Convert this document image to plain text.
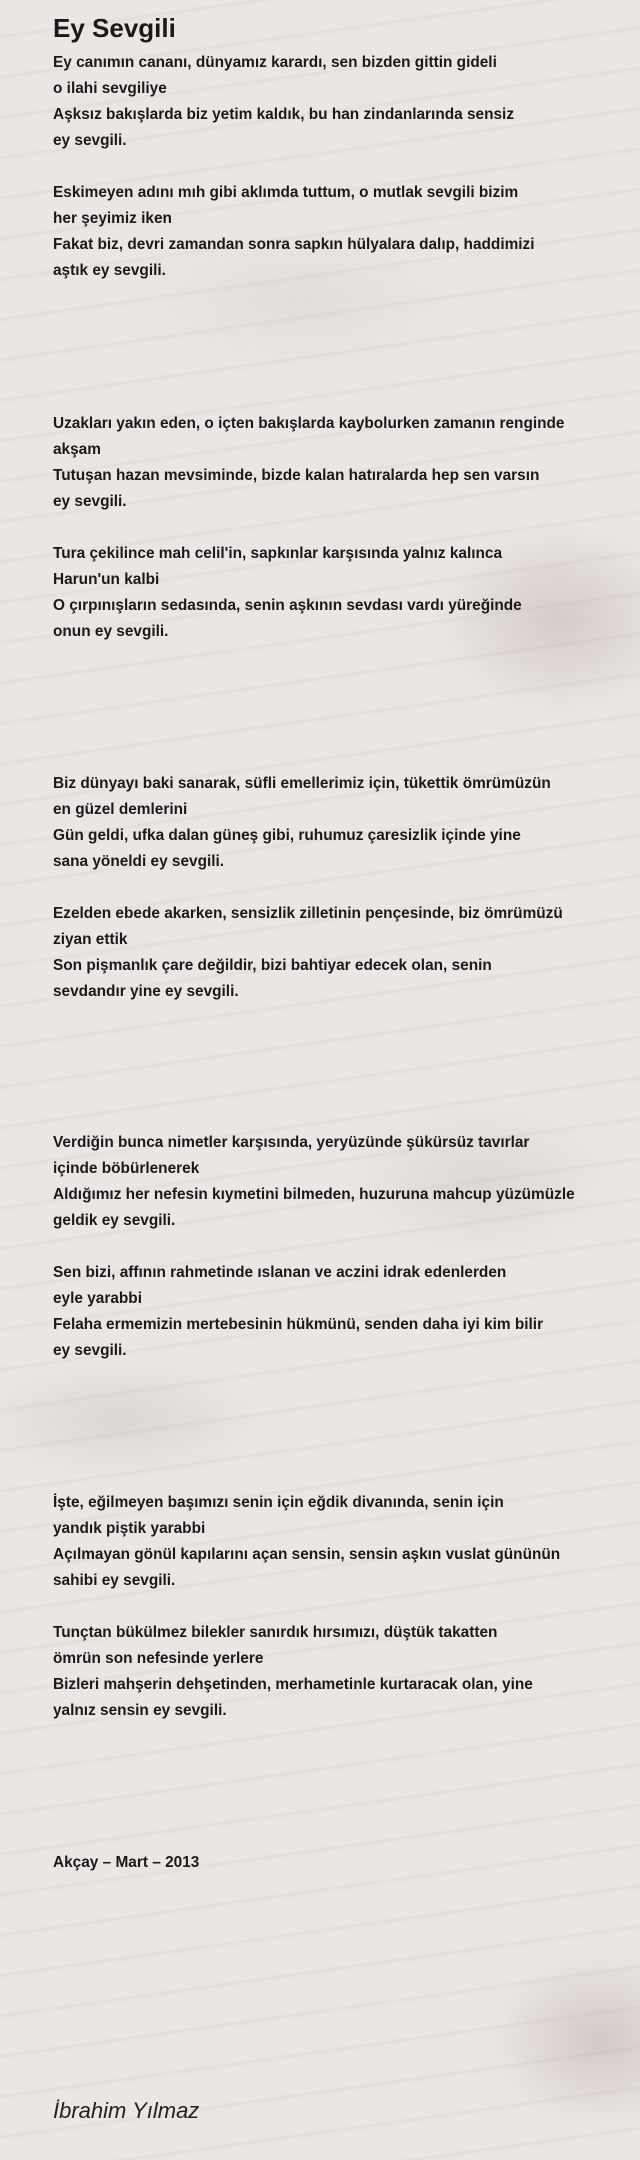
Ey Sevgili
Ey canımın cananı, dünyamız karardı, sen bizden gittin gideli
o ilahi sevgiliye
Aşksız bakışlarda biz yetim kaldık, bu han zindanlarında sensiz
ey sevgili.
Eskimeyen adını mıh gibi aklımda tuttum, o mutlak sevgili bizim
her şeyimiz iken
Fakat biz, devri zamandan sonra sapkın hülyalara dalıp, haddimizi
aştık ey sevgili.
Uzakları yakın eden, o içten bakışlarda kaybolurken zamanın renginde
akşam
Tutuşan hazan mevsiminde, bizde kalan hatıralarda hep sen varsın
ey sevgili.
Tura çekilince mah celil'in, sapkınlar karşısında yalnız kalınca
Harun'un kalbi
O çırpınışların sedasında, senin aşkının sevdası vardı yüreğinde
onun ey sevgili.
Biz dünyayı baki sanarak, süfli emellerimiz için, tükettik ömrümüzün
en güzel demlerini
Gün geldi, ufka dalan güneş gibi, ruhumuz çaresizlik içinde yine
sana yöneldi ey sevgili.
Ezelden ebede akarken, sensizlik zilletinin pençesinde, biz ömrümüzü
ziyan ettik
Son pişmanlık çare değildir, bizi bahtiyar edecek olan, senin
sevdandır yine ey sevgili.
Verdiğin bunca nimetler karşısında, yeryüzünde şükürsüz tavırlar
içinde böbürlenerek
Aldığımız her nefesin kıymetini bilmeden, huzuruna mahcup yüzümüzle
geldik ey sevgili.
Sen bizi, affının rahmetinde ıslanan ve aczini idrak edenlerden
eyle yarabbi
Felaha ermemizin mertebesinin hükmünü, senden daha iyi kim bilir
ey sevgili.
İşte, eğilmeyen başımızı senin için eğdik divanında, senin için
yandık piştik yarabbi
Açılmayan gönül kapılarını açan sensin, sensin aşkın vuslat gününün
sahibi ey sevgili.
Tunçtan bükülmez bilekler sanırdık hırsımızı, düştük takatten
ömrün son nefesinde yerlere
Bizleri mahşerin dehşetinden, merhametinle kurtaracak olan, yine
yalnız sensin ey sevgili.
Akçay – Mart – 2013
İbrahim Yılmaz
